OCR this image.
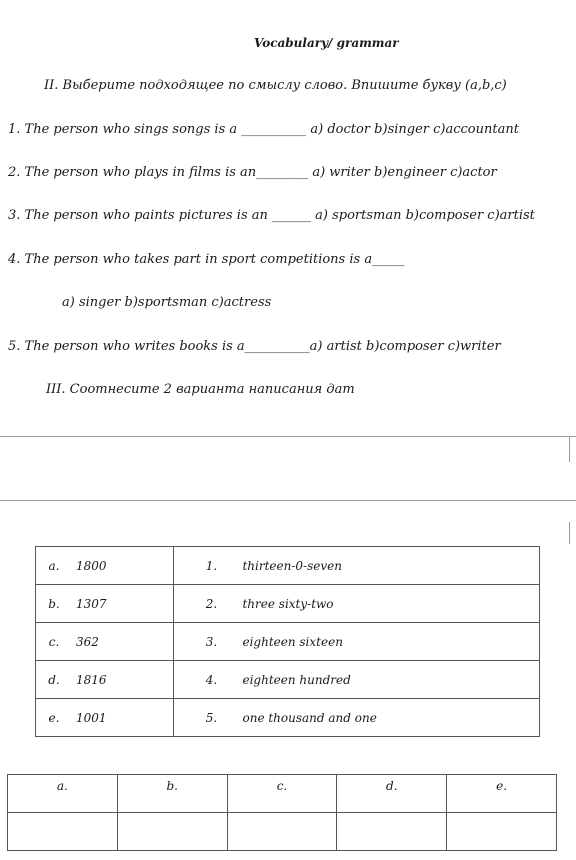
Vocabulary/ grammar
II. Выберите подходящее по смыслу слово. Впишите букву (a,b,c)
1. The person who sings songs is a __________ a) doctor b)singer c)accountant
2. The person who plays in films is an________ a) writer b)engineer c)actor
3. The person who paints pictures is an ______ a) sportsman b)composer c)artist
4. The person who takes part in sport competitions is a_____
a) singer b)sportsman c)actress
5. The person who writes books is a__________a) artist b)composer c)writer
III. Соотнесите 2 варианта написания дат
a. 1800	1. thirteen-0-seven
b. 1307	2. three sixty-two
c. 362	3. eighteen sixteen
d. 1816	4. eighteen hundred
e. 1001	5. one thousand and one
a.	b.	c.	d.	e.
